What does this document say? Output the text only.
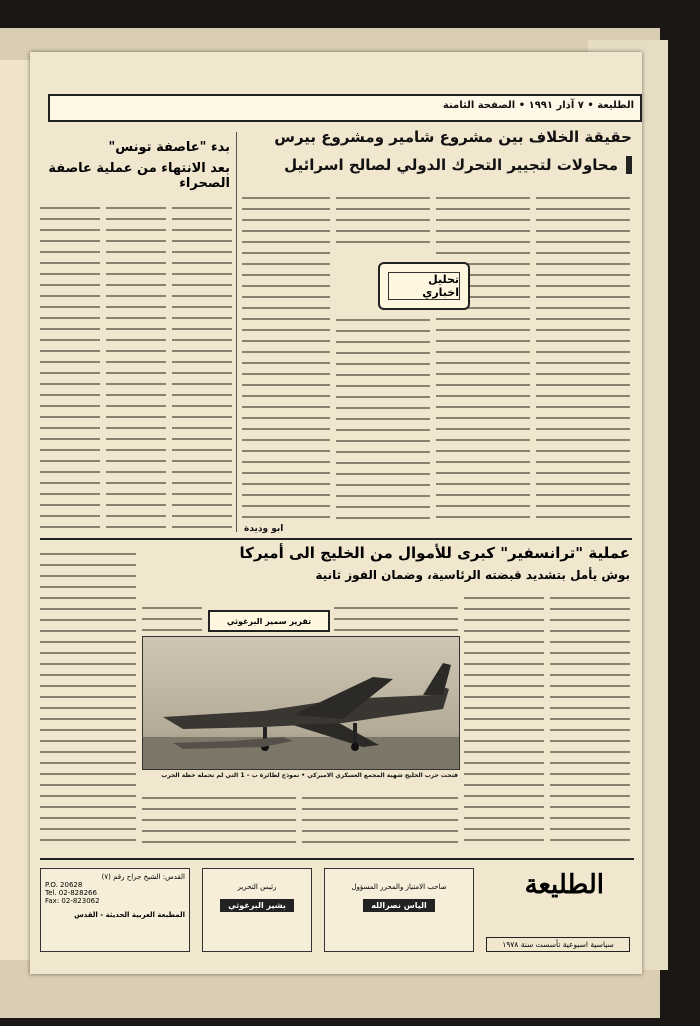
الطليعة • ٧ آذار ١٩٩١ • الصفحة الثامنة
حقيقة الخلاف بين مشروع شامير ومشروع بيرس
محاولات لتجيير التحرك الدولي لصالح اسرائيل
بدء "عاصفة تونس"
بعد الانتهاء من عملية عاصفة الصحراء
تحليل اخباري
ابو وديدة
عملية "ترانسفير" كبرى للأموال من الخليج الى أميركا
بوش يأمل بتشديد قبضته الرئاسية، وضمان الفوز ثانية
تقرير سمير البرغوثي
فتحت حرب الخليج شهية المجمع العسكري الاميركي • نموذج لطائرة ب – 1 التي لم تحمله خطة الحرب
القدس: الشيخ جراح رقم (٧)
P.O. 20628
Tel. 02-828266
Fax: 02-823062
المطبعة العربية الحديثة - القدس
رئيس التحرير
بشير البرغوثي
صاحب الامتياز والمحرر المسؤول
الياس نصرالله
الطليعة
سياسية اسبوعية تأسست سنة ١٩٧٨
